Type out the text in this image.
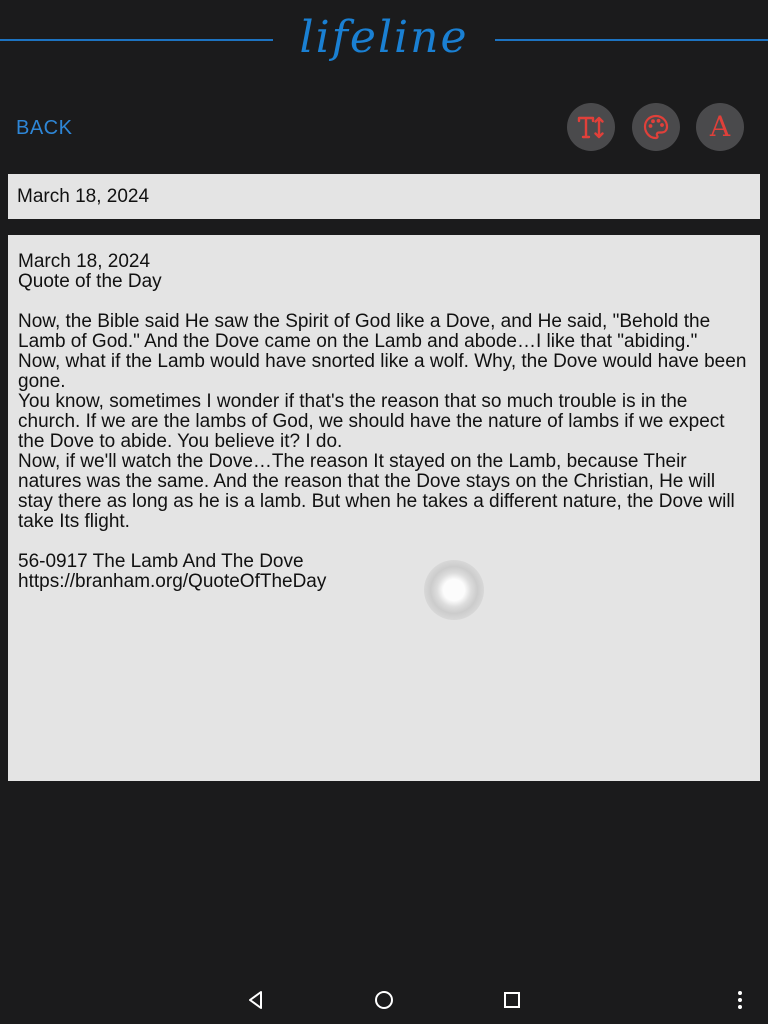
lifeline
BACK	A
March 18, 2024

March 18, 2024

Quote of the Day

Now, the Bible said He saw the Spirit of God like a Dove, and He said, "Behold the Lamb of God." And the Dove came on the Lamb and abode…I like that "abiding."

Now, what if the Lamb would have snorted like a wolf. Why, the Dove would have been gone.

You know, sometimes I wonder if that's the reason that so much trouble is in the church. If we are the lambs of God, we should have the nature of lambs if we expect the Dove to abide. You believe it? I do.

Now, if we'll watch the Dove…The reason It stayed on the Lamb, because Their natures was the same. And the reason that the Dove stays on the Christian, He will stay there as long as he is a lamb. But when he takes a different nature, the Dove will take Its flight.

56-0917 The Lamb And The Dove

https://branham.org/QuoteOfTheDay
